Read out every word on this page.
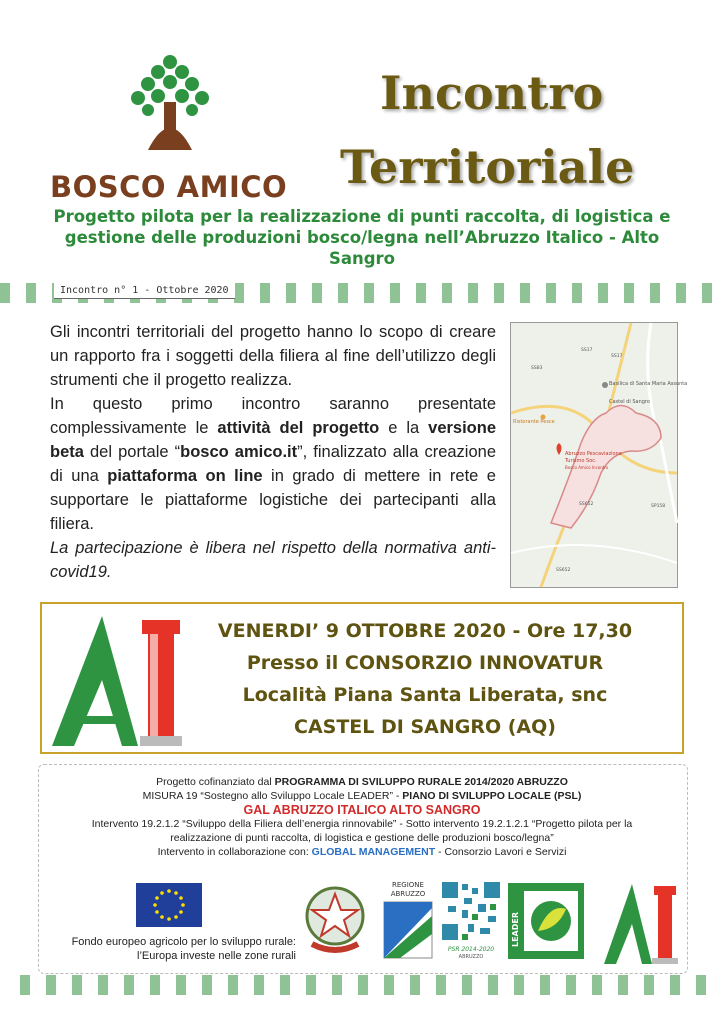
BOSCO AMICO
Incontro
Territoriale
Progetto pilota per la realizzazione di punti raccolta, di logistica e gestione delle produzioni bosco/legna nell’Abruzzo Italico - Alto Sangro
Incontro n° 1 - Ottobre 2020

Gli incontri territoriali del progetto hanno lo scopo di creare un rapporto fra i soggetti della filiera al fine dell’utilizzo degli strumenti che il progetto realizza.

In questo primo incontro saranno presentate complessivamente le attività del progetto e la versione beta del portale “bosco amico.it”, finalizzato alla creazione di una piattaforma on line in grado di mettere in rete e supportare le piattaforme logistiche dei partecipanti alla filiera.

La partecipazione è libera nel rispetto della normativa anti-covid19.

Basilica di Santa Maria Assunta
Castel di Sangro
Ristorante Pesce
Abruzzo Pescaviazione
Turismo Soc.
Bosco Amico Incontro
SS17
SS17
SS83
SS652
SS652
SP158
VENERDI’ 9 OTTOBRE 2020 - Ore 17,30
Presso il CONSORZIO INNOVATUR
Località Piana Santa Liberata, snc
CASTEL DI SANGRO (AQ)
Progetto cofinanziato dal PROGRAMMA DI SVILUPPO RURALE 2014/2020 ABRUZZO
MISURA 19 “Sostegno allo Sviluppo Locale LEADER” - PIANO DI SVILUPPO LOCALE (PSL)
GAL ABRUZZO ITALICO ALTO SANGRO
Intervento 19.2.1.2 “Sviluppo della Filiera dell’energia rinnovabile” - Sotto intervento 19.2.1.2.1 “Progetto pilota per la realizzazione di punti raccolta, di logistica e gestione delle produzioni bosco/legna”
Intervento in collaborazione con: GLOBAL MANAGEMENT - Consorzio Lavori e Servizi
Fondo europeo agricolo per lo sviluppo rurale:
l’Europa investe nelle zone rurali
REGIONE
ABRUZZO
PSR 2014-2020
ABRUZZO
LEADER
